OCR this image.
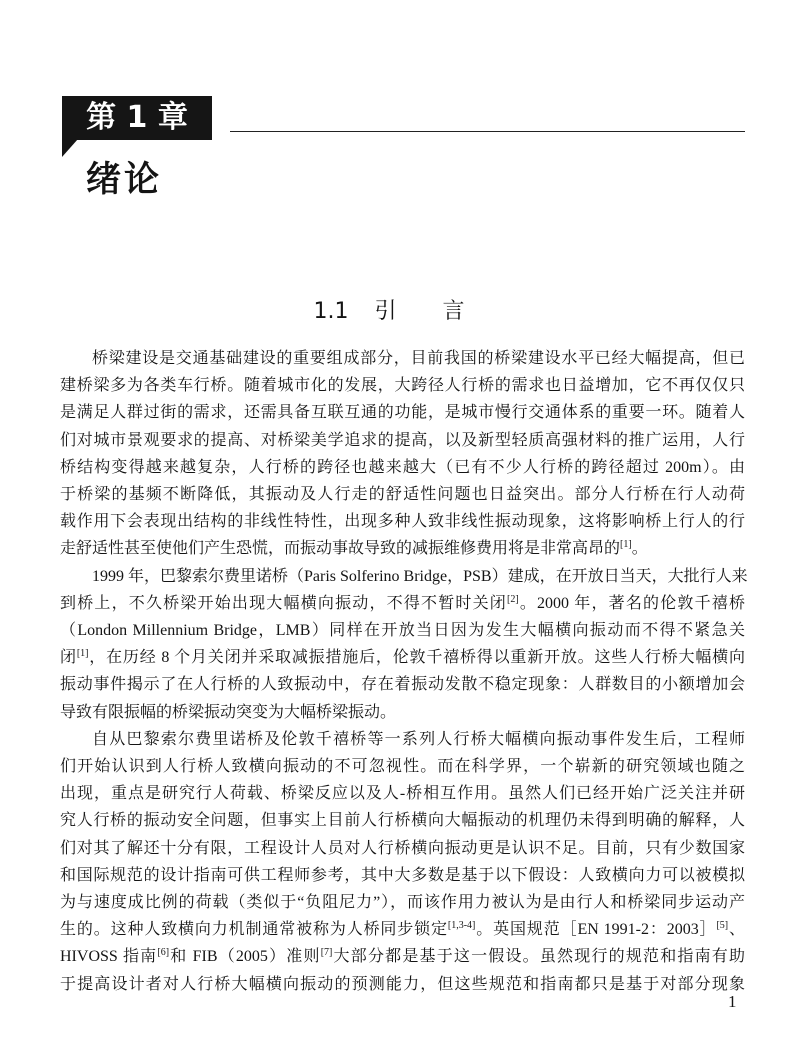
第 1 章
绪论
1.1 引　言
桥梁建设是交通基础建设的重要组成部分，目前我国的桥梁建设水平已经大幅提高，但已
建桥梁多为各类车行桥。随着城市化的发展，大跨径人行桥的需求也日益增加，它不再仅仅只
是满足人群过街的需求，还需具备互联互通的功能，是城市慢行交通体系的重要一环。随着人
们对城市景观要求的提高、对桥梁美学追求的提高，以及新型轻质高强材料的推广运用，人行
桥结构变得越来越复杂，人行桥的跨径也越来越大（已有不少人行桥的跨径超过 200m）。由
于桥梁的基频不断降低，其振动及人行走的舒适性问题也日益突出。部分人行桥在行人动荷
载作用下会表现出结构的非线性特性，出现多种人致非线性振动现象，这将影响桥上行人的行
走舒适性甚至使他们产生恐慌，而振动事故导致的减振维修费用将是非常高昂的[1]。
1999 年，巴黎索尔费里诺桥（Paris Solferino Bridge，PSB）建成，在开放日当天，大批行人来
到桥上，不久桥梁开始出现大幅横向振动，不得不暂时关闭[2]。2000 年，著名的伦敦千禧桥
（London Millennium Bridge，LMB）同样在开放当日因为发生大幅横向振动而不得不紧急关
闭[1]，在历经 8 个月关闭并采取减振措施后，伦敦千禧桥得以重新开放。这些人行桥大幅横向
振动事件揭示了在人行桥的人致振动中，存在着振动发散不稳定现象：人群数目的小额增加会
导致有限振幅的桥梁振动突变为大幅桥梁振动。
自从巴黎索尔费里诺桥及伦敦千禧桥等一系列人行桥大幅横向振动事件发生后，工程师
们开始认识到人行桥人致横向振动的不可忽视性。而在科学界，一个崭新的研究领域也随之
出现，重点是研究行人荷载、桥梁反应以及人-桥相互作用。虽然人们已经开始广泛关注并研
究人行桥的振动安全问题，但事实上目前人行桥横向大幅振动的机理仍未得到明确的解释，人
们对其了解还十分有限，工程设计人员对人行桥横向振动更是认识不足。目前，只有少数国家
和国际规范的设计指南可供工程师参考，其中大多数是基于以下假设：人致横向力可以被模拟
为与速度成比例的荷载（类似于“负阻尼力”），而该作用力被认为是由行人和桥梁同步运动产
生的。这种人致横向力机制通常被称为人桥同步锁定[1,3-4]。英国规范［EN 1991-2：2003］[5]、
HIVOSS 指南[6]和 FIB（2005）准则[7]大部分都是基于这一假设。虽然现行的规范和指南有助
于提高设计者对人行桥大幅横向振动的预测能力，但这些规范和指南都只是基于对部分现象
1
